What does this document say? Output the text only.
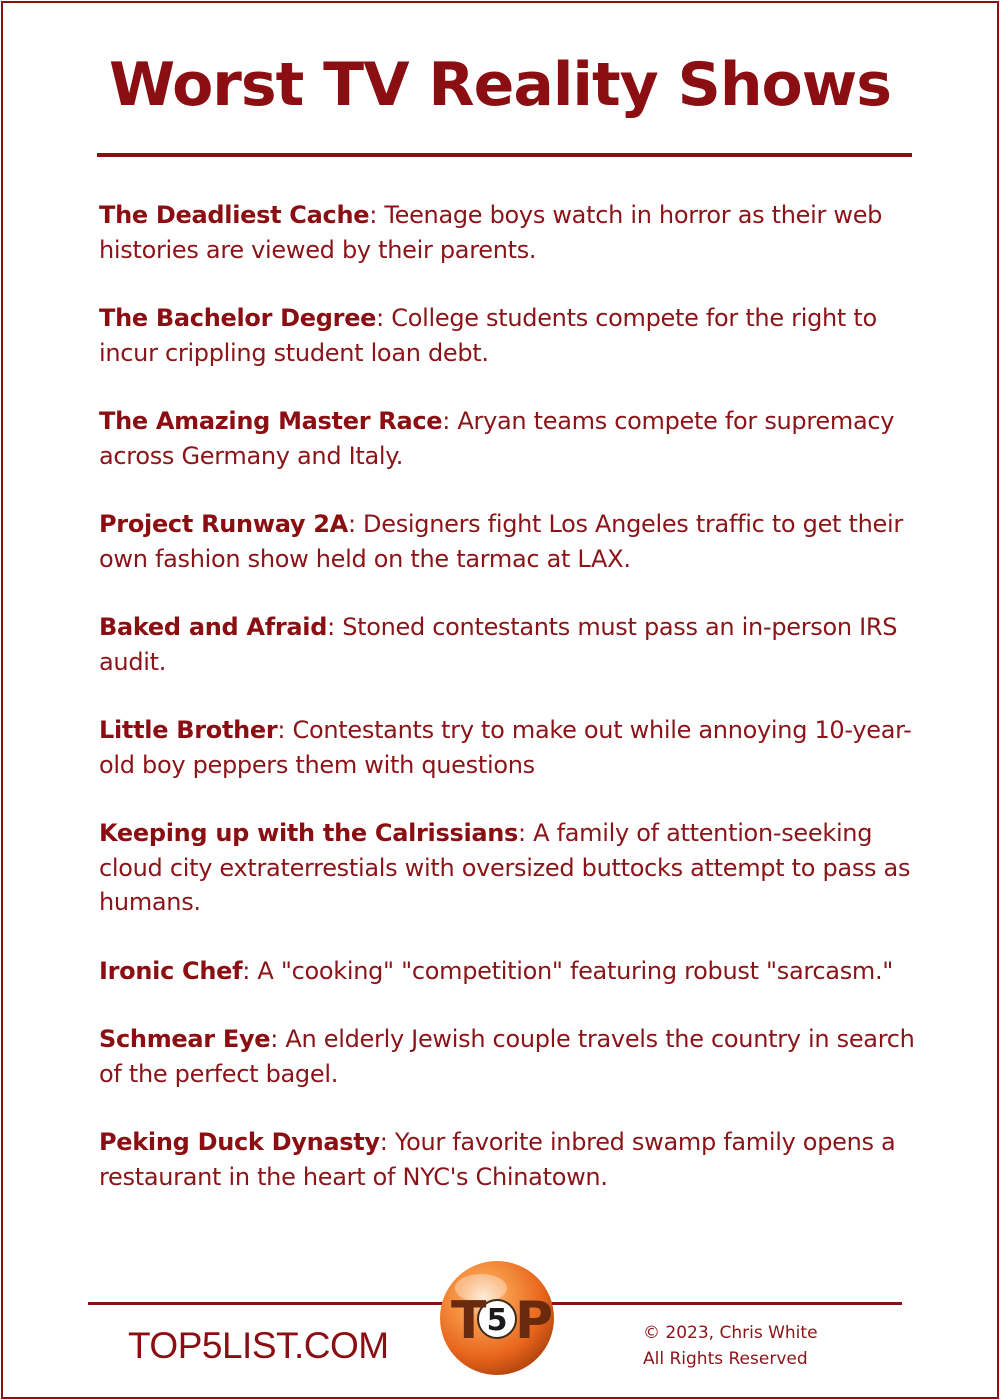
Worst TV Reality Shows
The Deadliest Cache: Teenage boys watch in horror as their web histories are viewed by their parents.
The Bachelor Degree: College students compete for the right to incur crippling student loan debt.
The Amazing Master Race: Aryan teams compete for supremacy across Germany and Italy.
Project Runway 2A: Designers fight Los Angeles traffic to get their own fashion show held on the tarmac at LAX.
Baked and Afraid: Stoned contestants must pass an in-person IRS audit.
Little Brother: Contestants try to make out while annoying 10-year-old boy peppers them with questions
Keeping up with the Calrissians: A family of attention-seeking cloud city extraterrestials with oversized buttocks attempt to pass as humans.
Ironic Chef: A "cooking" "competition" featuring robust "sarcasm."
Schmear Eye: An elderly Jewish couple travels the country in search of the perfect bagel.
Peking Duck Dynasty: Your favorite inbred swamp family opens a restaurant in the heart of NYC's Chinatown.
TOP5LIST.COM T 5 P	© 2023, Chris White
All Rights Reserved
